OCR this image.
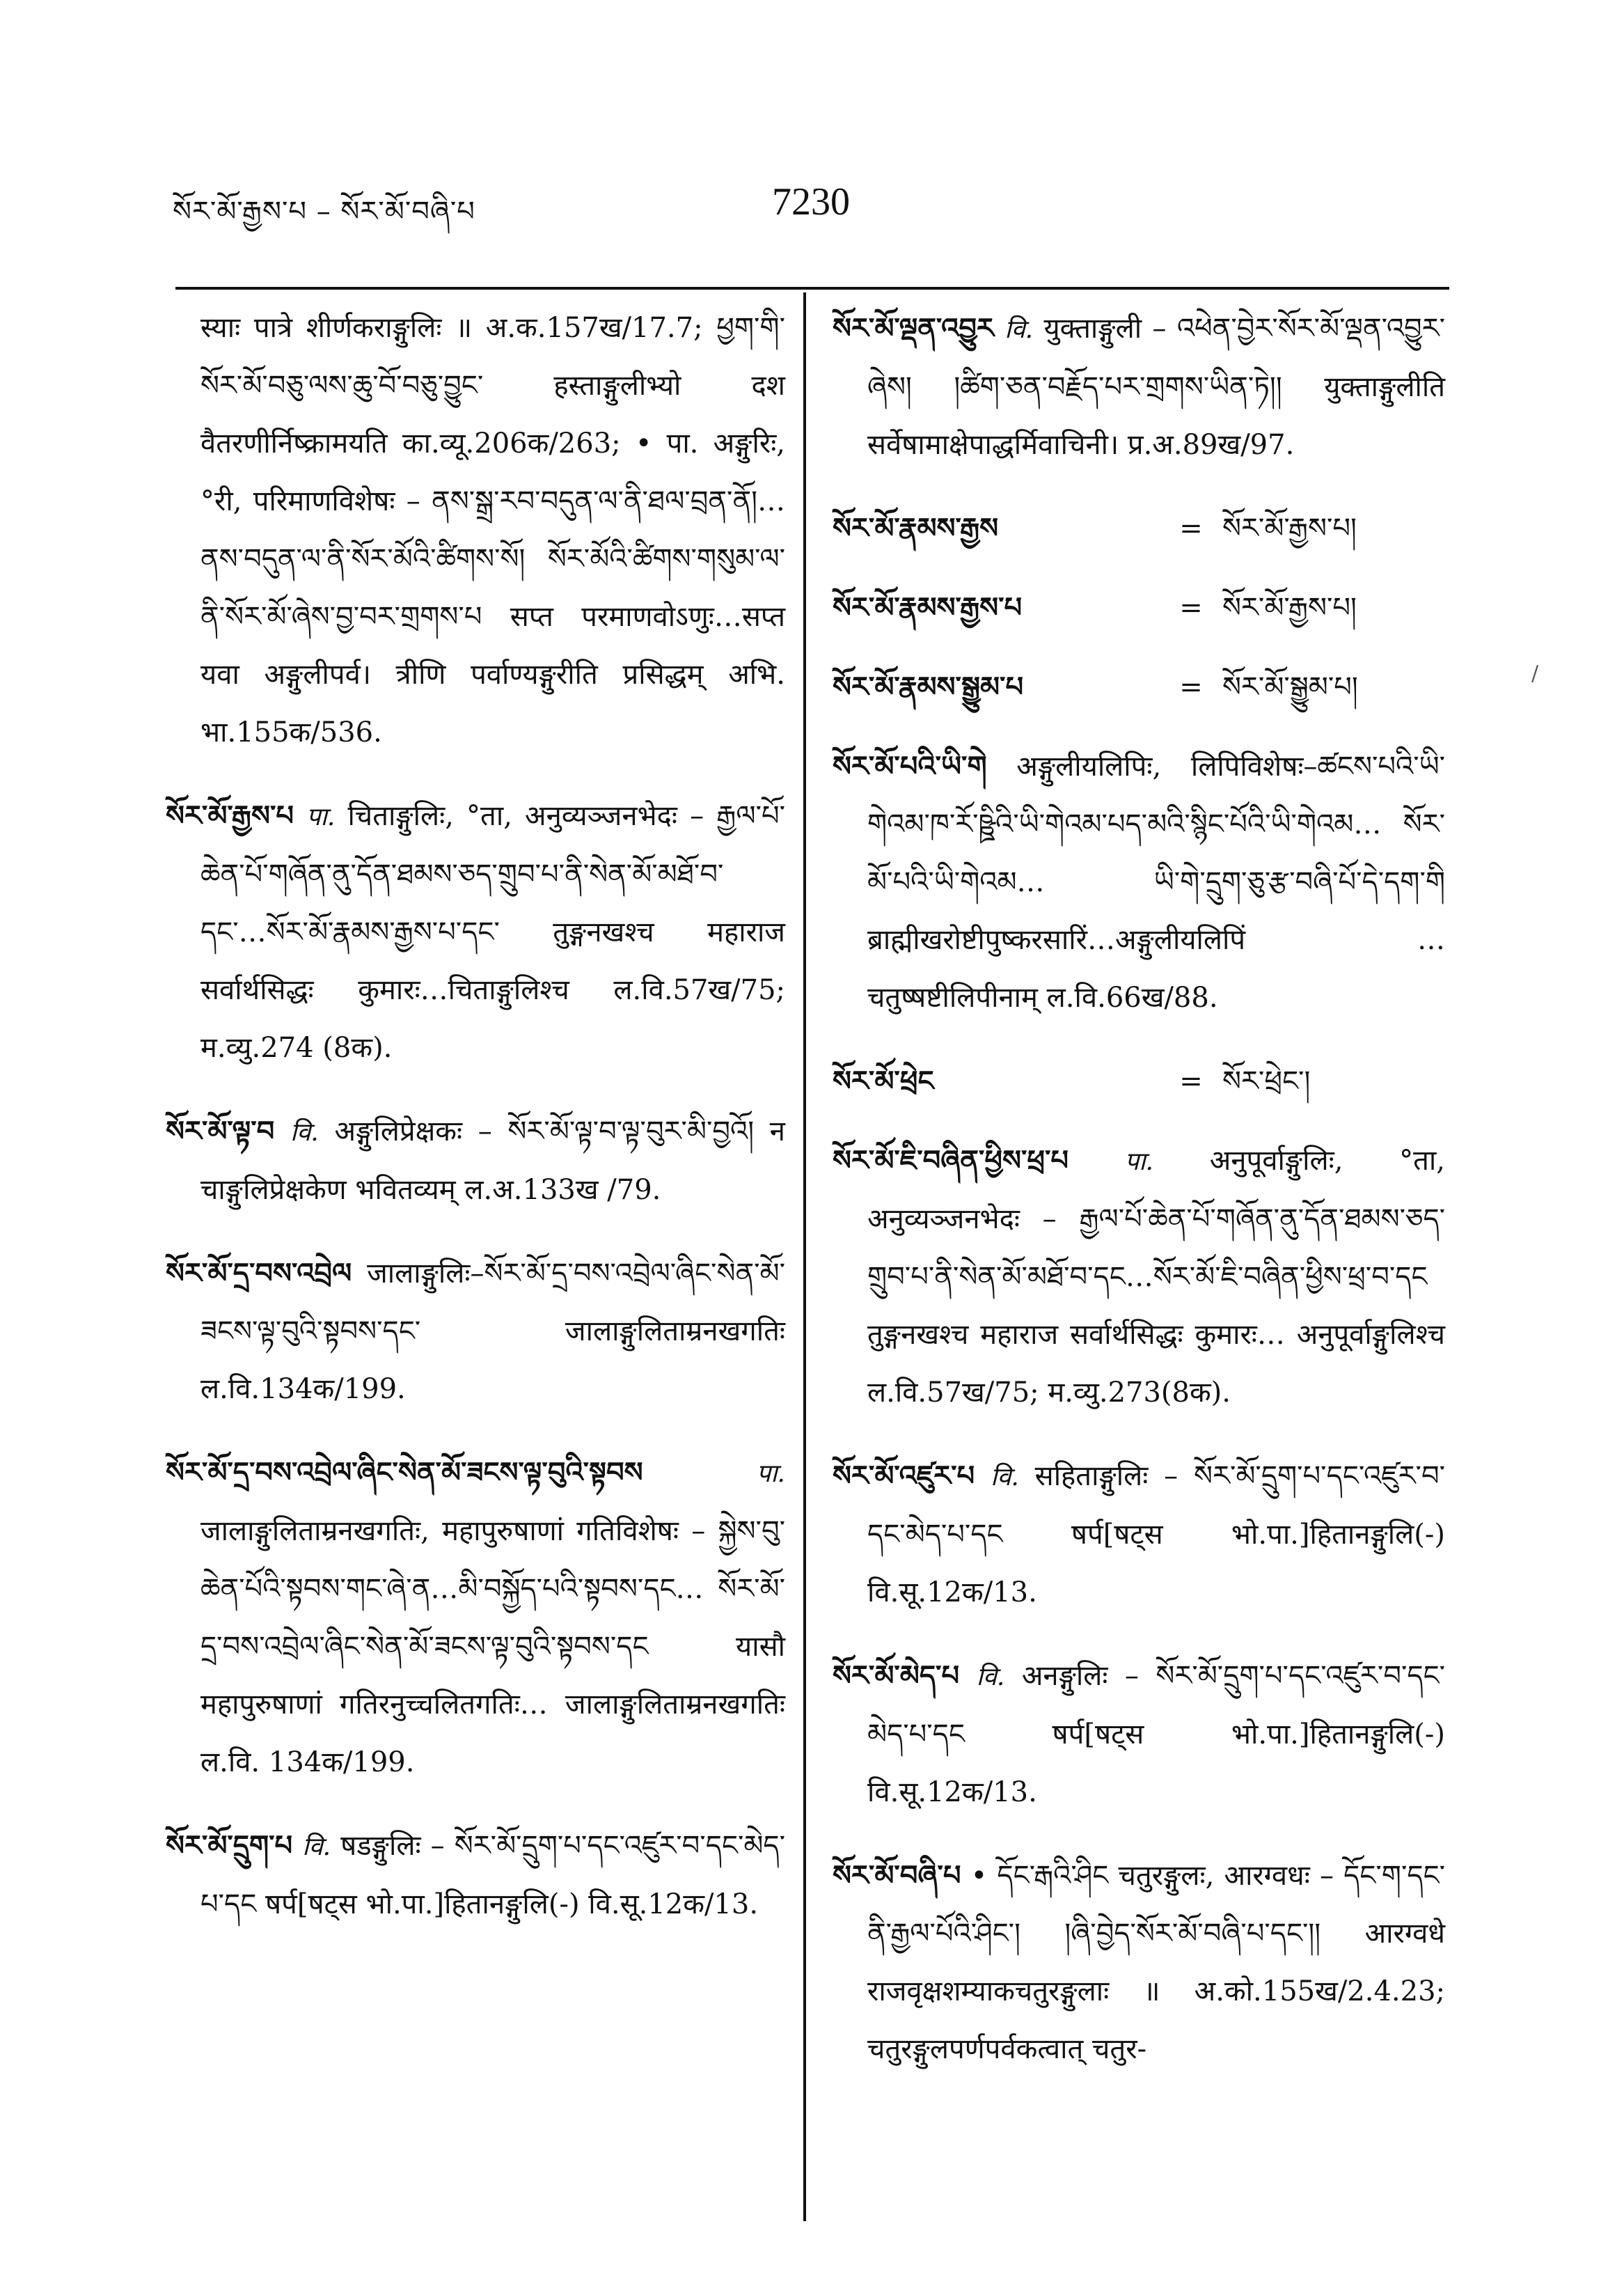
སོར་མོ་རྒྱས་པ – སོར་མོ་བཞི་པ	7230
/

स्याः पात्रे शीर्णकराङ्गुलिः ॥ अ.क.157ख/17.7; ཕྱག་གི་སོར་མོ་བཅུ་ལས་ཆུ་བོ་བཅུ་བྱུང་ हस्ताङ्गुलीभ्यो दश वैतरणीर्निष्क्रामयति का.व्यू.206क/263; • पा. अङ्गुरिः, °री, परिमाणविशेषः – ནས་སྒྲ་རབ་བདུན་ལ་ནི་ཐལ་བྲན་ནོ།… ནས་བདུན་ལ་ནི་སོར་མོའི་ཚིགས་སོ། སོར་མོའི་ཚིགས་གསུམ་ལ་ནི་སོར་མོ་ཞེས་བྱ་བར་གྲགས་པ सप्त परमाणवोऽणुः…सप्त यवा अङ्गुलीपर्व। त्रीणि पर्वाण्यङ्गुरीति प्रसिद्धम् अभि. भा.155क/536.

སོར་མོ་རྒྱས་པ पा. चिताङ्गुलिः, °ता, अनुव्यञ्जनभेदः – རྒྱལ་པོ་ཆེན་པོ་གཞོན་ནུ་དོན་ཐམས་ཅད་གྲུབ་པ་ནི་སེན་མོ་མཐོ་བ་དང་…སོར་མོ་རྣམས་རྒྱས་པ་དང་ तुङ्गनखश्च महाराज सर्वार्थसिद्धः कुमारः…चिताङ्गुलिश्च ल.वि.57ख/75; म.व्यु.274 (8क).

སོར་མོ་ལྟ་བ वि. अङ्गुलिप्रेक्षकः – སོར་མོ་ལྟ་བ་ལྟ་བུར་མི་བྱའོ། न चाङ्गुलिप्रेक्षकेण भवितव्यम् ल.अ.133ख /79.

སོར་མོ་དྲ་བས་འབྲེལ जालाङ्गुलिः–སོར་མོ་དྲ་བས་འབྲེལ་ཞིང་སེན་མོ་ཟངས་ལྟ་བུའི་སྟབས་དང་ जालाङ्गुलिताम्रनखगतिः ल.वि.134क/199.

སོར་མོ་དྲ་བས་འབྲེལ་ཞིང་སེན་མོ་ཟངས་ལྟ་བུའི་སྟབས	पा. जालाङ्गुलिताम्रनखगतिः, महापुरुषाणां गतिविशेषः – སྐྱེས་བུ་ཆེན་པོའི་སྟབས་གང་ཞེ་ན…མི་བསྐྱོད་པའི་སྟབས་དང… སོར་མོ་དྲ་བས་འབྲེལ་ཞིང་སེན་མོ་ཟངས་ལྟ་བུའི་སྟབས་དང यासौ महापुरुषाणां गतिरनुच्चलितगतिः… जालाङ्गुलिताम्रनखगतिः ल.वि. 134क/199.

སོར་མོ་དྲུག་པ वि. षडङ्गुलिः – སོར་མོ་དྲུག་པ་དང་འཛུར་བ་དང་མེད་པ་དང षर्प[षट्स भो.पा.]हितानङ्गुलि(-) वि.सू.12क/13.

སོར་མོ་ལྡན་འབྱུར वि. युक्ताङ्गुली – འཕེན་བྱེར་སོར་མོ་ལྡན་འབྱུར་ཞེས། །ཚིག་ཅན་བརྗོད་པར་གྲགས་ཡིན་ཏེ།། युक्ताङ्गुलीति सर्वेषामाक्षेपाद्धर्मिवाचिनी। प्र.अ.89ख/97.

སོར་མོ་རྣམས་རྒྱས	= སོར་མོ་རྒྱས་པ།
སོར་མོ་རྣམས་རྒྱས་པ	= སོར་མོ་རྒྱས་པ།
སོར་མོ་རྣམས་སྒྱུམ་པ	= སོར་མོ་སྒྱུམ་པ།

སོར་མོ་པའི་ཡི་གེ अङ्गुलीयलिपिः, लिपिविशेषः–ཚངས་པའི་ཡི་གེའམ་ཁ་རོ་ཥྛིའི་ཡི་གེའམ་པད་མའི་སྙིང་པོའི་ཡི་གེའམ… སོར་མོ་པའི་ཡི་གེའམ… ཡི་གེ་དྲུག་ཅུ་རྩ་བཞི་པོ་དེ་དག་གི ब्राह्मीखरोष्टीपुष्करसारिं…अङ्गुलीयलिपिं …चतुष्षष्टीलिपीनाम् ल.वि.66ख/88.

སོར་མོ་ཕྲེང	= སོར་ཕྲེང་།

སོར་མོ་ཇི་བཞིན་ཕྱིས་ཕྲ་པ पा. अनुपूर्वाङ्गुलिः, °ता, अनुव्यञ्जनभेदः – རྒྱལ་པོ་ཆེན་པོ་གཞོན་ནུ་དོན་ཐམས་ཅད་གྲུབ་པ་ནི་སེན་མོ་མཐོ་བ་དང…སོར་མོ་ཇི་བཞིན་ཕྱིས་ཕྲ་བ་དང तुङ्गनखश्च महाराज सर्वार्थसिद्धः कुमारः… अनुपूर्वाङ्गुलिश्च ल.वि.57ख/75; म.व्यु.273(8क).

སོར་མོ་འཛུར་པ वि. सहिताङ्गुलिः – སོར་མོ་དྲུག་པ་དང་འཛུར་བ་དང་མེད་པ་དང षर्प[षट्स भो.पा.]हितानङ्गुलि(-) वि.सू.12क/13.

སོར་མོ་མེད་པ वि. अनङ्गुलिः – སོར་མོ་དྲུག་པ་དང་འཛུར་བ་དང་མེད་པ་དང षर्प[षट्स भो.पा.]हितानङ्गुलि(-) वि.सू.12क/13.

སོར་མོ་བཞི་པ • དོང་རྒའི་ཤིང चतुरङ्गुलः, आरग्वधः – དོང་ག་དང་ནི་རྒྱལ་པོའི་ཤིང་། །ཞི་བྱེད་སོར་མོ་བཞི་པ་དང་།། आरग्वधे राजवृक्षशम्याकचतुरङ्गुलाः ॥ अ.को.155ख/2.4.23; चतुरङ्गुलपर्णपर्वकत्वात् चतुर-
